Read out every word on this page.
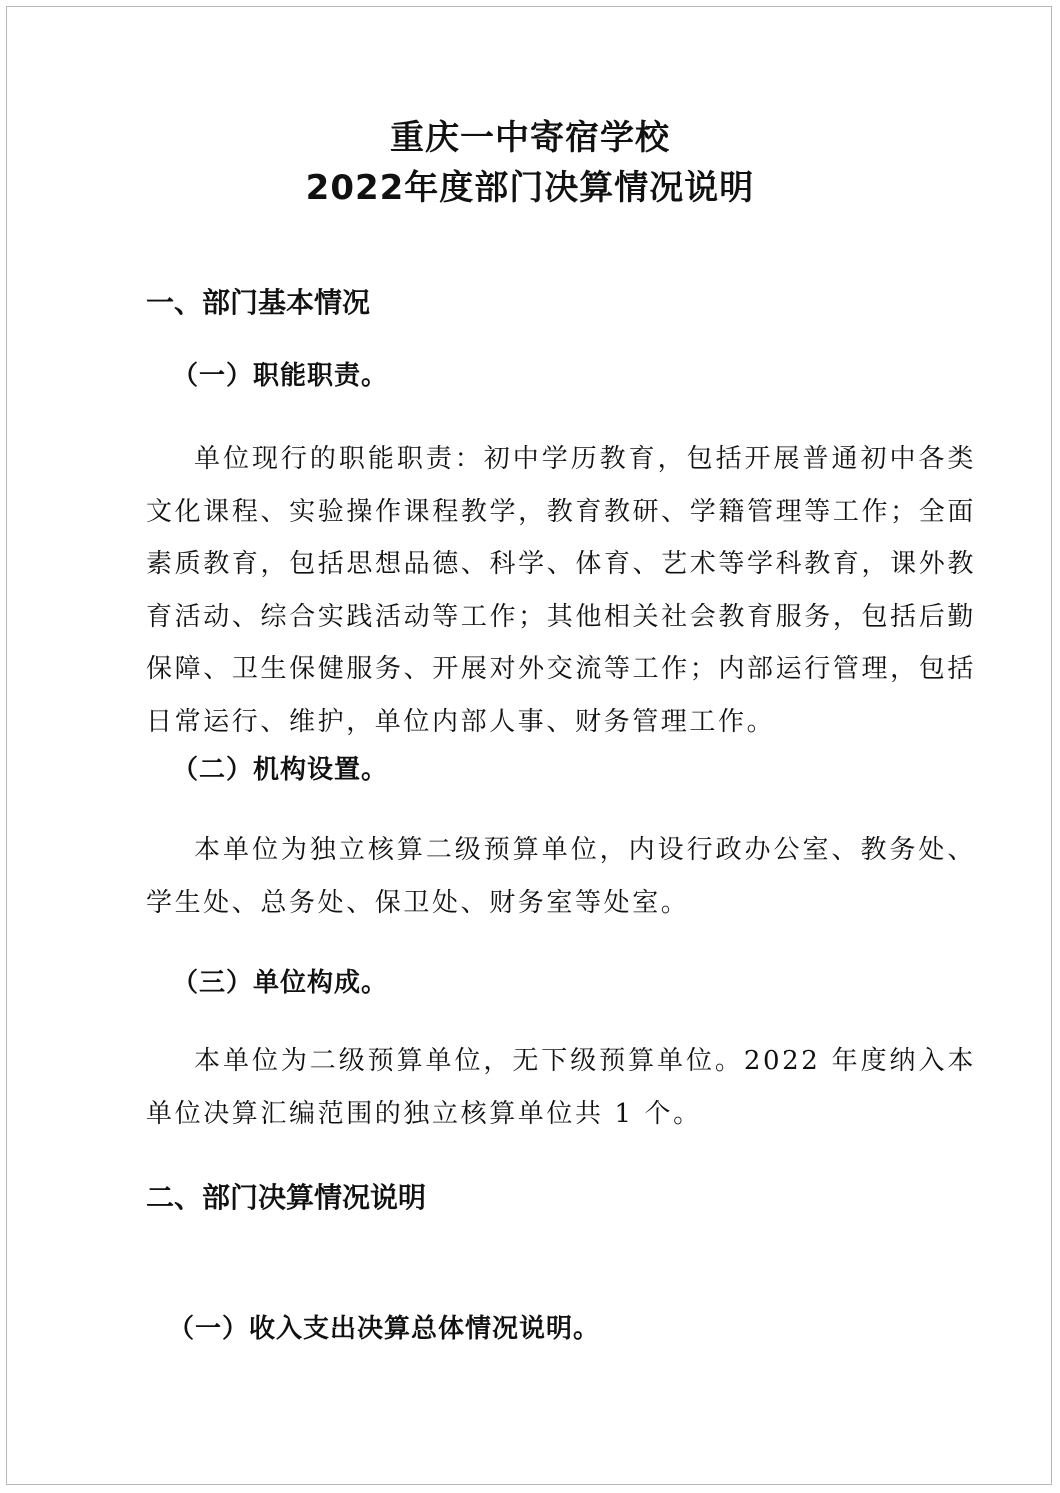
重庆一中寄宿学校
2022年度部门决算情况说明
一、部门基本情况
（一）职能职责。
单位现行的职能职责：初中学历教育，包括开展普通初中各类文化课程、实验操作课程教学，教育教研、学籍管理等工作；全面素质教育，包括思想品德、科学、体育、艺术等学科教育，课外教育活动、综合实践活动等工作；其他相关社会教育服务，包括后勤保障、卫生保健服务、开展对外交流等工作；内部运行管理，包括日常运行、维护，单位内部人事、财务管理工作。
（二）机构设置。
本单位为独立核算二级预算单位，内设行政办公室、教务处、学生处、总务处、保卫处、财务室等处室。
（三）单位构成。
本单位为二级预算单位，无下级预算单位。2022 年度纳入本单位决算汇编范围的独立核算单位共 1 个。
二、部门决算情况说明
（一）收入支出决算总体情况说明。
